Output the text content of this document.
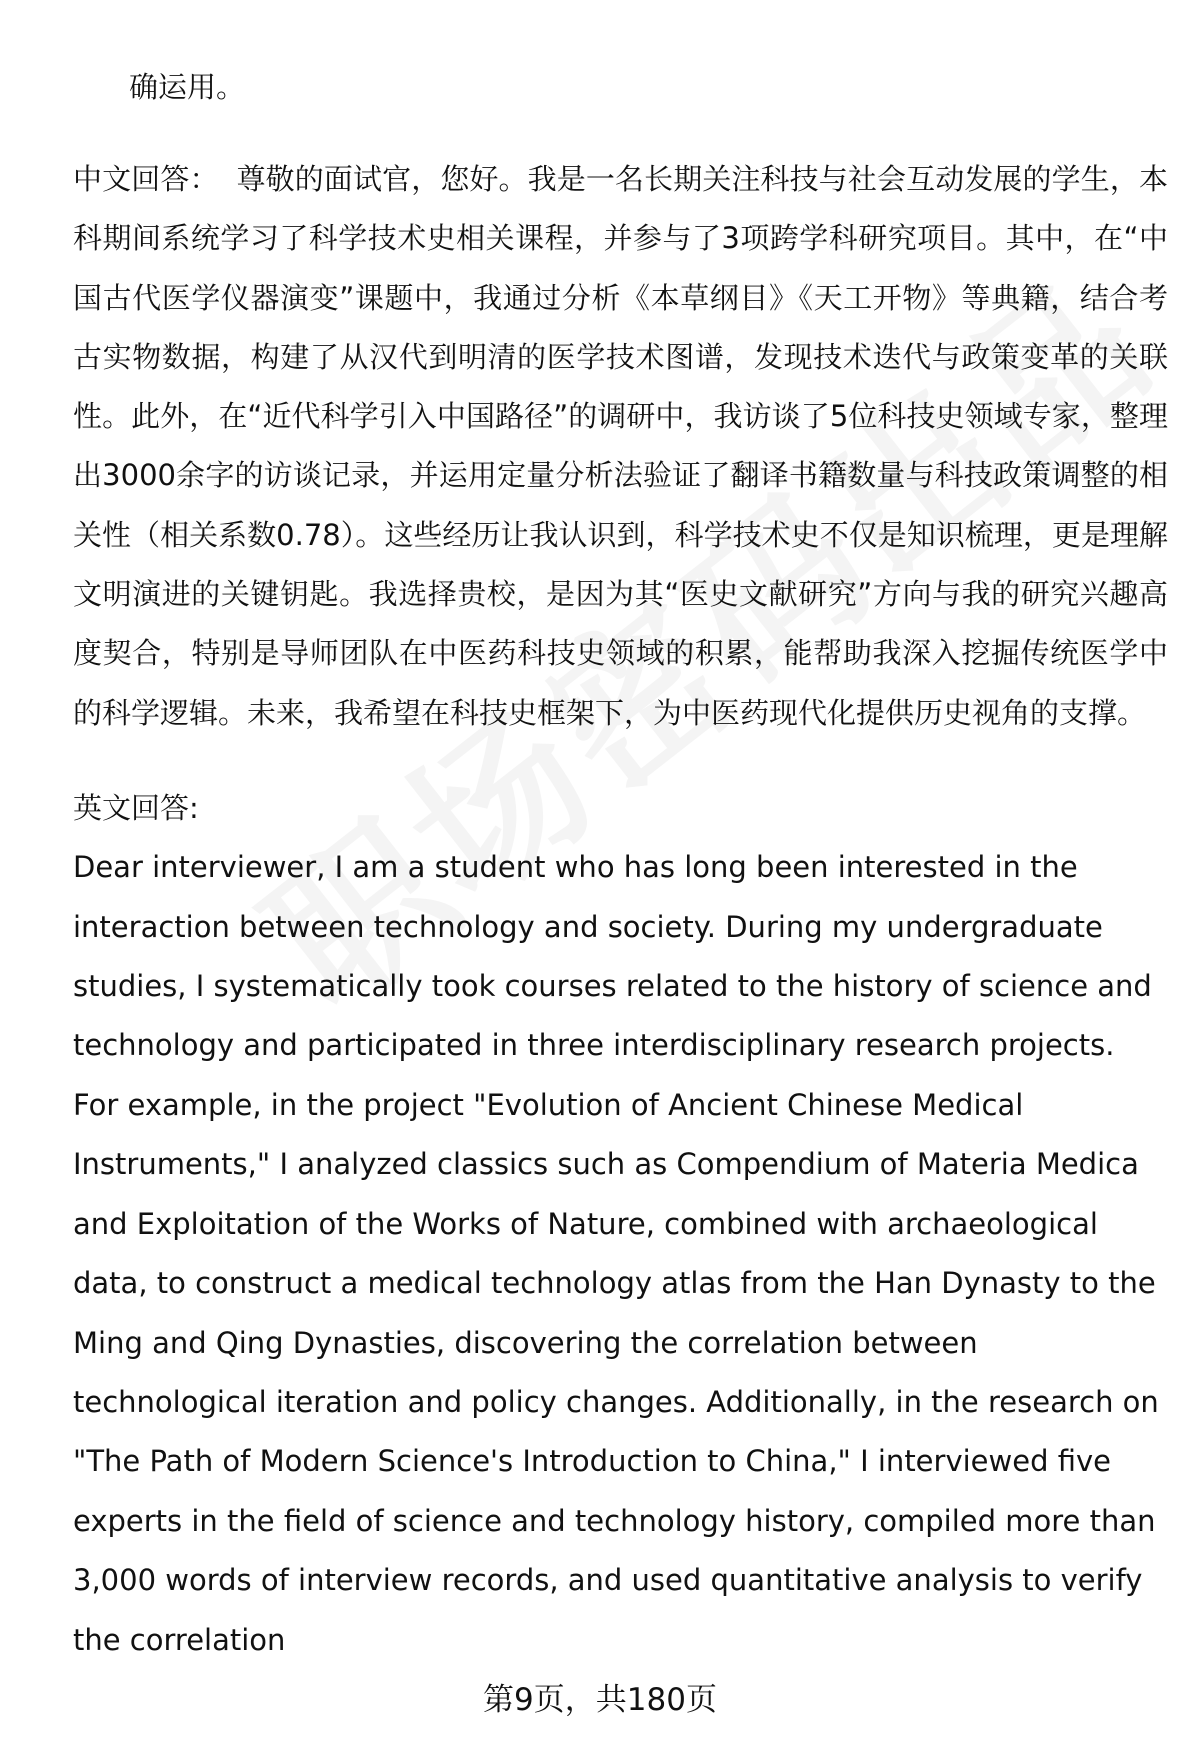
确运用。

中文回答： 尊敬的面试官，您好。我是一名长期关注科技与社会互动发展的学生，本科期间系统学习了科学技术史相关课程，并参与了3项跨学科研究项目。其中，在“中国古代医学仪器演变”课题中，我通过分析《本草纲目》《天工开物》等典籍，结合考古实物数据，构建了从汉代到明清的医学技术图谱，发现技术迭代与政策变革的关联性。此外，在“近代科学引入中国路径”的调研中，我访谈了5位科技史领域专家，整理出3000余字的访谈记录，并运用定量分析法验证了翻译书籍数量与科技政策调整的相关性（相关系数0.78）。这些经历让我认识到，科学技术史不仅是知识梳理，更是理解文明演进的关键钥匙。我选择贵校，是因为其“医史文献研究”方向与我的研究兴趣高度契合，特别是导师团队在中医药科技史领域的积累，能帮助我深入挖掘传统医学中的科学逻辑。未来，我希望在科技史框架下，为中医药现代化提供历史视角的支撑。
英文回答:
Dear interviewer, I am a student who has long been interested in the interaction between technology and society. During my undergraduate studies, I systematically took courses related to the history of science and technology and participated in three interdisciplinary research projects. For example, in the project "Evolution of Ancient Chinese Medical Instruments," I analyzed classics such as Compendium of Materia Medica and Exploitation of the Works of Nature, combined with archaeological data, to construct a medical technology atlas from the Han Dynasty to the Ming and Qing Dynasties, discovering the correlation between technological iteration and policy changes. Additionally, in the research on "The Path of Modern Science's Introduction to China," I interviewed five experts in the field of science and technology history, compiled more than 3,000 words of interview records, and used quantitative analysis to verify the correlation
第9页，共180页
